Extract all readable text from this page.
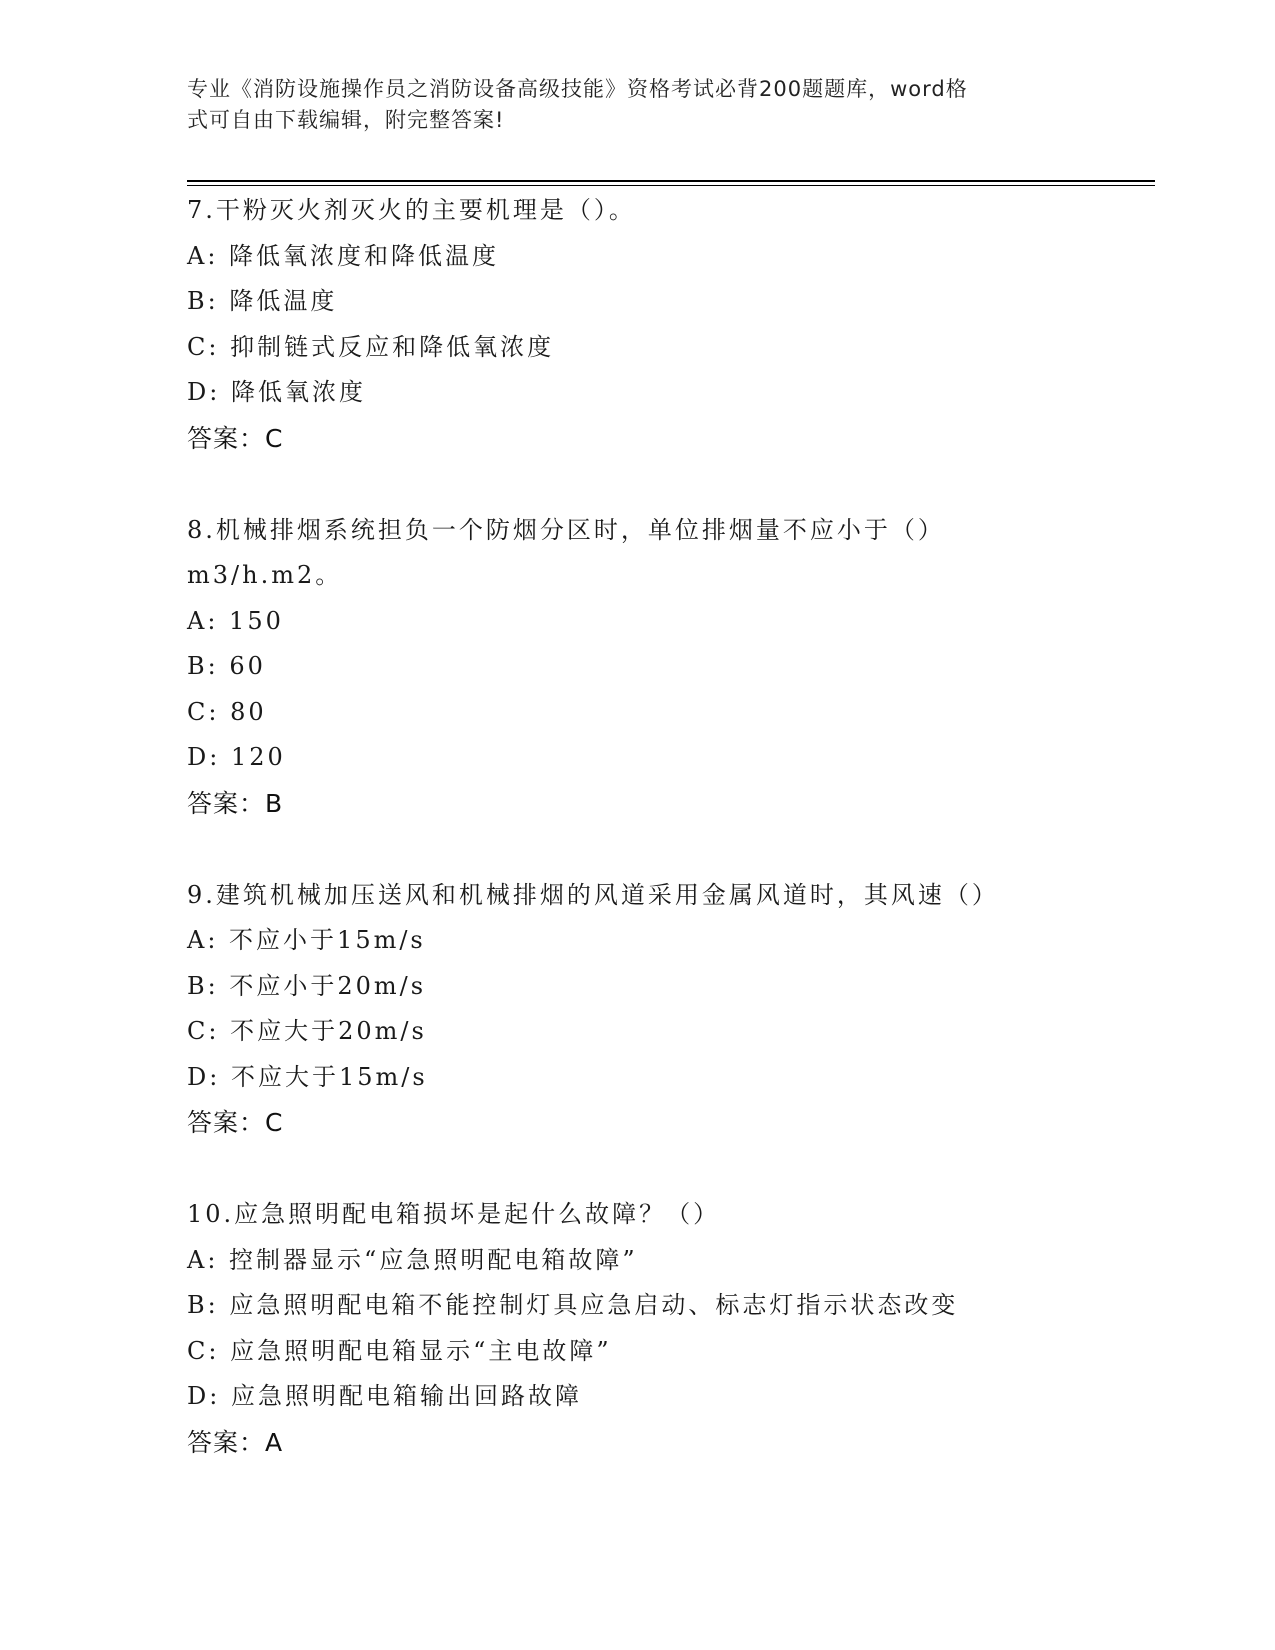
专业《消防设施操作员之消防设备高级技能》资格考试必背200题题库，word格
式可自由下载编辑，附完整答案!
7.干粉灭火剂灭火的主要机理是（）。
A: 降低氧浓度和降低温度
B: 降低温度
C: 抑制链式反应和降低氧浓度
D: 降低氧浓度
答案：C
8.机械排烟系统担负一个防烟分区时，单位排烟量不应小于（）
m3/h.m2。
A: 150
B: 60
C: 80
D: 120
答案：B
9.建筑机械加压送风和机械排烟的风道采用金属风道时，其风速（）
A: 不应小于15m/s
B: 不应小于20m/s
C: 不应大于20m/s
D: 不应大于15m/s
答案：C
10.应急照明配电箱损坏是起什么故障？（）
A: 控制器显示“应急照明配电箱故障”
B: 应急照明配电箱不能控制灯具应急启动、标志灯指示状态改变
C: 应急照明配电箱显示“主电故障”
D: 应急照明配电箱输出回路故障
答案：A
